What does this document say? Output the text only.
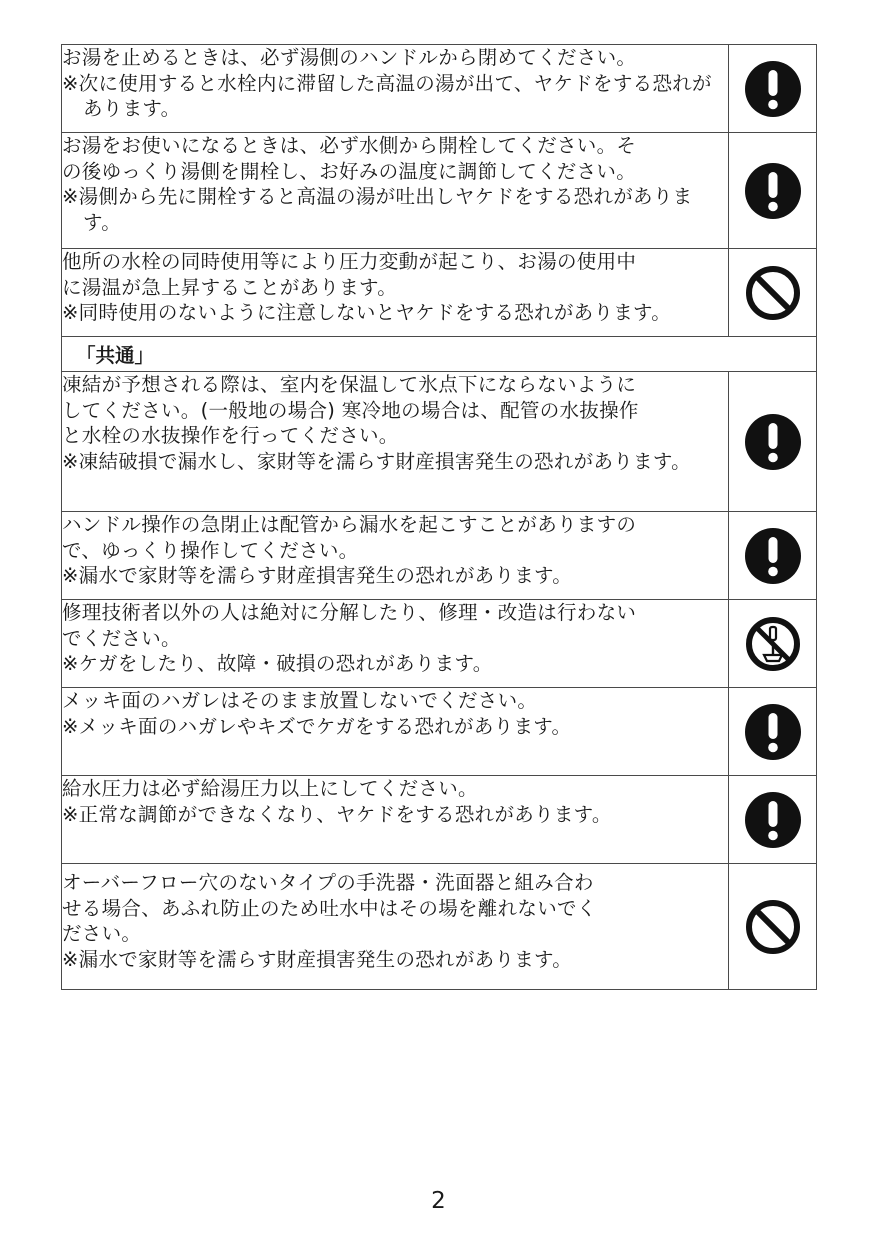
お湯を止めるときは、必ず湯側のハンドルから閉めてください。
※次に使用すると水栓内に滞留した高温の湯が出て、ヤケドをする恐れがあります。

お湯をお使いになるときは、必ず水側から開栓してください。そ
の後ゆっくり湯側を開栓し、お好みの温度に調節してください。
※湯側から先に開栓すると高温の湯が吐出しヤケドをする恐れがあります。

他所の水栓の同時使用等により圧力変動が起こり、お湯の使用中
に湯温が急上昇することがあります。
※同時使用のないように注意しないとヤケドをする恐れがあります。

「共通」	

凍結が予想される際は、室内を保温して氷点下にならないように
してください。(一般地の場合) 寒冷地の場合は、配管の水抜操作
と水栓の水抜操作を行ってください。
※凍結破損で漏水し、家財等を濡らす財産損害発生の恐れがあります。

ハンドル操作の急閉止は配管から漏水を起こすことがありますの
で、ゆっくり操作してください。
※漏水で家財等を濡らす財産損害発生の恐れがあります。

修理技術者以外の人は絶対に分解したり、修理・改造は行わない
でください。
※ケガをしたり、故障・破損の恐れがあります。

メッキ面のハガレはそのまま放置しないでください。
※メッキ面のハガレやキズでケガをする恐れがあります。

給水圧力は必ず給湯圧力以上にしてください。
※正常な調節ができなくなり、ヤケドをする恐れがあります。

オーバーフロー穴のないタイプの手洗器・洗面器と組み合わ
せる場合、あふれ防止のため吐水中はその場を離れないでく
ださい。
※漏水で家財等を濡らす財産損害発生の恐れがあります。

2
